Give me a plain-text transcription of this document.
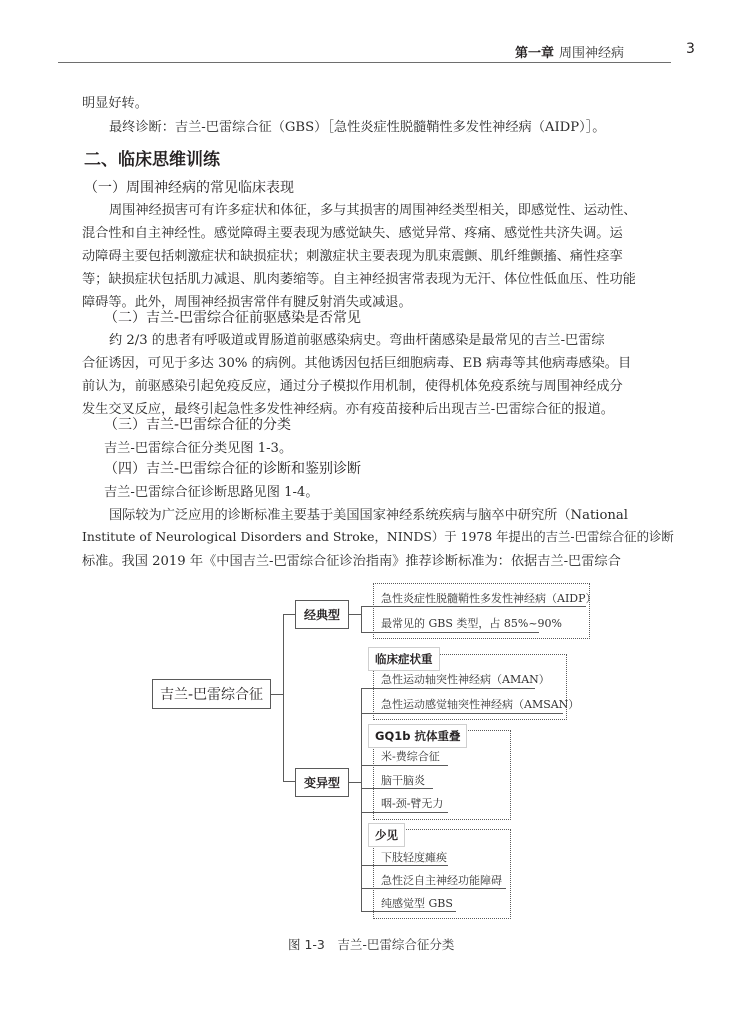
第一章 周围神经病	3
明显好转。
最终诊断：吉兰-巴雷综合征（GBS）［急性炎症性脱髓鞘性多发性神经病（AIDP）］。
二、临床思维训练
（一）周围神经病的常见临床表现
周围神经损害可有许多症状和体征，多与其损害的周围神经类型相关，即感觉性、运动性、
混合性和自主神经性。感觉障碍主要表现为感觉缺失、感觉异常、疼痛、感觉性共济失调。运
动障碍主要包括刺激症状和缺损症状；刺激症状主要表现为肌束震颤、肌纤维颤搐、痛性痉挛
等；缺损症状包括肌力减退、肌肉萎缩等。自主神经损害常表现为无汗、体位性低血压、性功能
障碍等。此外，周围神经损害常伴有腱反射消失或减退。
（二）吉兰-巴雷综合征前驱感染是否常见
约 2/3 的患者有呼吸道或胃肠道前驱感染病史。弯曲杆菌感染是最常见的吉兰-巴雷综
合征诱因，可见于多达 30% 的病例。其他诱因包括巨细胞病毒、EB 病毒等其他病毒感染。目
前认为，前驱感染引起免疫反应，通过分子模拟作用机制，使得机体免疫系统与周围神经成分
发生交叉反应，最终引起急性多发性神经病。亦有疫苗接种后出现吉兰-巴雷综合征的报道。
（三）吉兰-巴雷综合征的分类
吉兰-巴雷综合征分类见图 1-3。
（四）吉兰-巴雷综合征的诊断和鉴别诊断
吉兰-巴雷综合征诊断思路见图 1-4。
国际较为广泛应用的诊断标准主要基于美国国家神经系统疾病与脑卒中研究所（National
Institute of Neurological Disorders and Stroke，NINDS）于 1978 年提出的吉兰-巴雷综合征的诊断
标准。我国 2019 年《中国吉兰-巴雷综合征诊治指南》推荐诊断标准为：依据吉兰-巴雷综合
吉兰-巴雷综合征
经典型
急性炎症性脱髓鞘性多发性神经病（AIDP）
最常见的 GBS 类型，占 85%~90%
变异型
临床症状重
急性运动轴突性神经病（AMAN）
急性运动感觉轴突性神经病（AMSAN）
GQ1b 抗体重叠
米-费综合征
脑干脑炎
咽-颈-臂无力
少见
下肢轻度瘫痪
急性泛自主神经功能障碍
纯感觉型 GBS
图 1-3　吉兰-巴雷综合征分类
